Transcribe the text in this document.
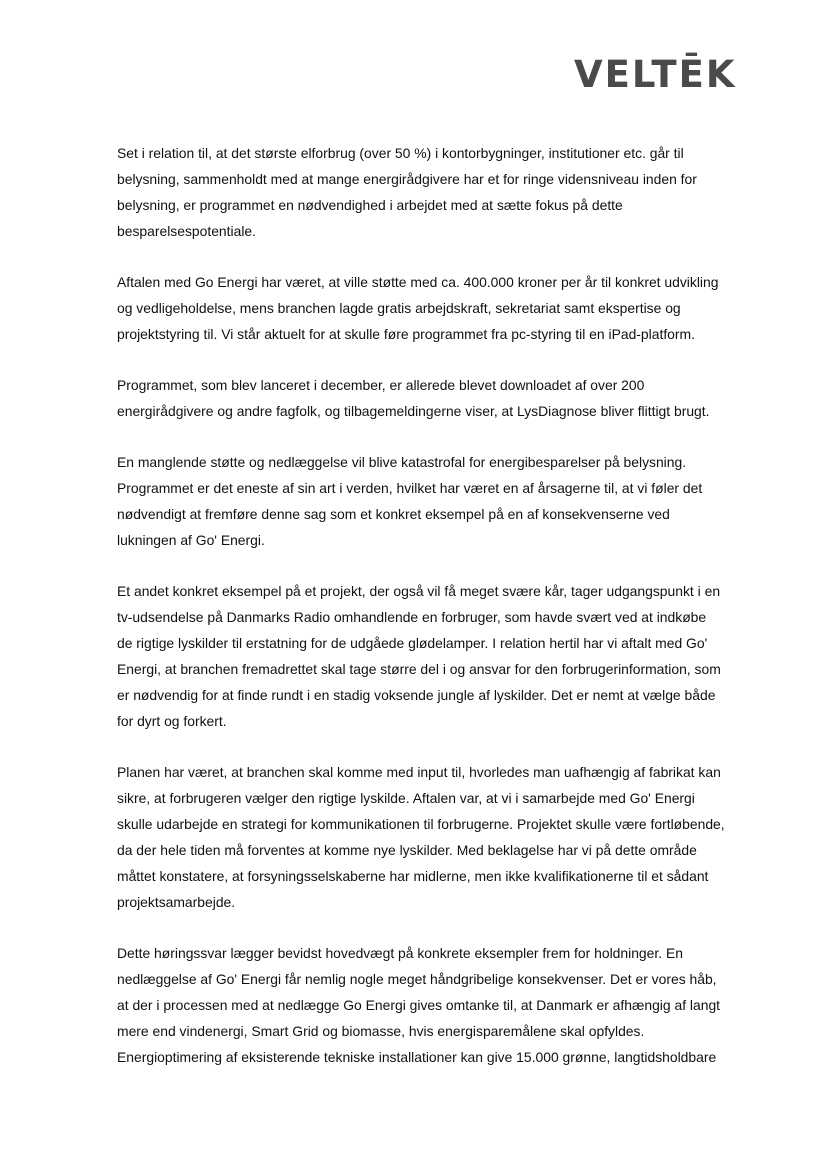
VELTĒK

Set i relation til, at det største elforbrug (over 50 %) i kontorbygninger, institutioner etc. går til
belysning, sammenholdt med at mange energirådgivere har et for ringe vidensniveau inden for
belysning, er programmet en nødvendighed i arbejdet med at sætte fokus på dette
besparelsespotentiale.

Aftalen med Go Energi har været, at ville støtte med ca. 400.000 kroner per år til konkret udvikling
og vedligeholdelse, mens branchen lagde gratis arbejdskraft, sekretariat samt ekspertise og
projektstyring til. Vi står aktuelt for at skulle føre programmet fra pc-styring til en iPad-platform.

Programmet, som blev lanceret i december, er allerede blevet downloadet af over 200
energirådgivere og andre fagfolk, og tilbagemeldingerne viser, at LysDiagnose bliver flittigt brugt.

En manglende støtte og nedlæggelse vil blive katastrofal for energibesparelser på belysning.
Programmet er det eneste af sin art i verden, hvilket har været en af årsagerne til, at vi føler det
nødvendigt at fremføre denne sag som et konkret eksempel på en af konsekvenserne ved
lukningen af Go' Energi.

Et andet konkret eksempel på et projekt, der også vil få meget svære kår, tager udgangspunkt i en
tv-udsendelse på Danmarks Radio omhandlende en forbruger, som havde svært ved at indkøbe
de rigtige lyskilder til erstatning for de udgåede glødelamper. I relation hertil har vi aftalt med Go'
Energi, at branchen fremadrettet skal tage større del i og ansvar for den forbrugerinformation, som
er nødvendig for at finde rundt i en stadig voksende jungle af lyskilder. Det er nemt at vælge både
for dyrt og forkert.

Planen har været, at branchen skal komme med input til, hvorledes man uafhængig af fabrikat kan
sikre, at forbrugeren vælger den rigtige lyskilde. Aftalen var, at vi i samarbejde med Go' Energi
skulle udarbejde en strategi for kommunikationen til forbrugerne. Projektet skulle være fortløbende,
da der hele tiden må forventes at komme nye lyskilder. Med beklagelse har vi på dette område
måttet konstatere, at forsyningsselskaberne har midlerne, men ikke kvalifikationerne til et sådant
projektsamarbejde.

Dette høringssvar lægger bevidst hovedvægt på konkrete eksempler frem for holdninger. En
nedlæggelse af Go' Energi får nemlig nogle meget håndgribelige konsekvenser. Det er vores håb,
at der i processen med at nedlægge Go Energi gives omtanke til, at Danmark er afhængig af langt
mere end vindenergi, Smart Grid og biomasse, hvis energisparemålene skal opfyldes.
Energioptimering af eksisterende tekniske installationer kan give 15.000 grønne, langtidsholdbare
